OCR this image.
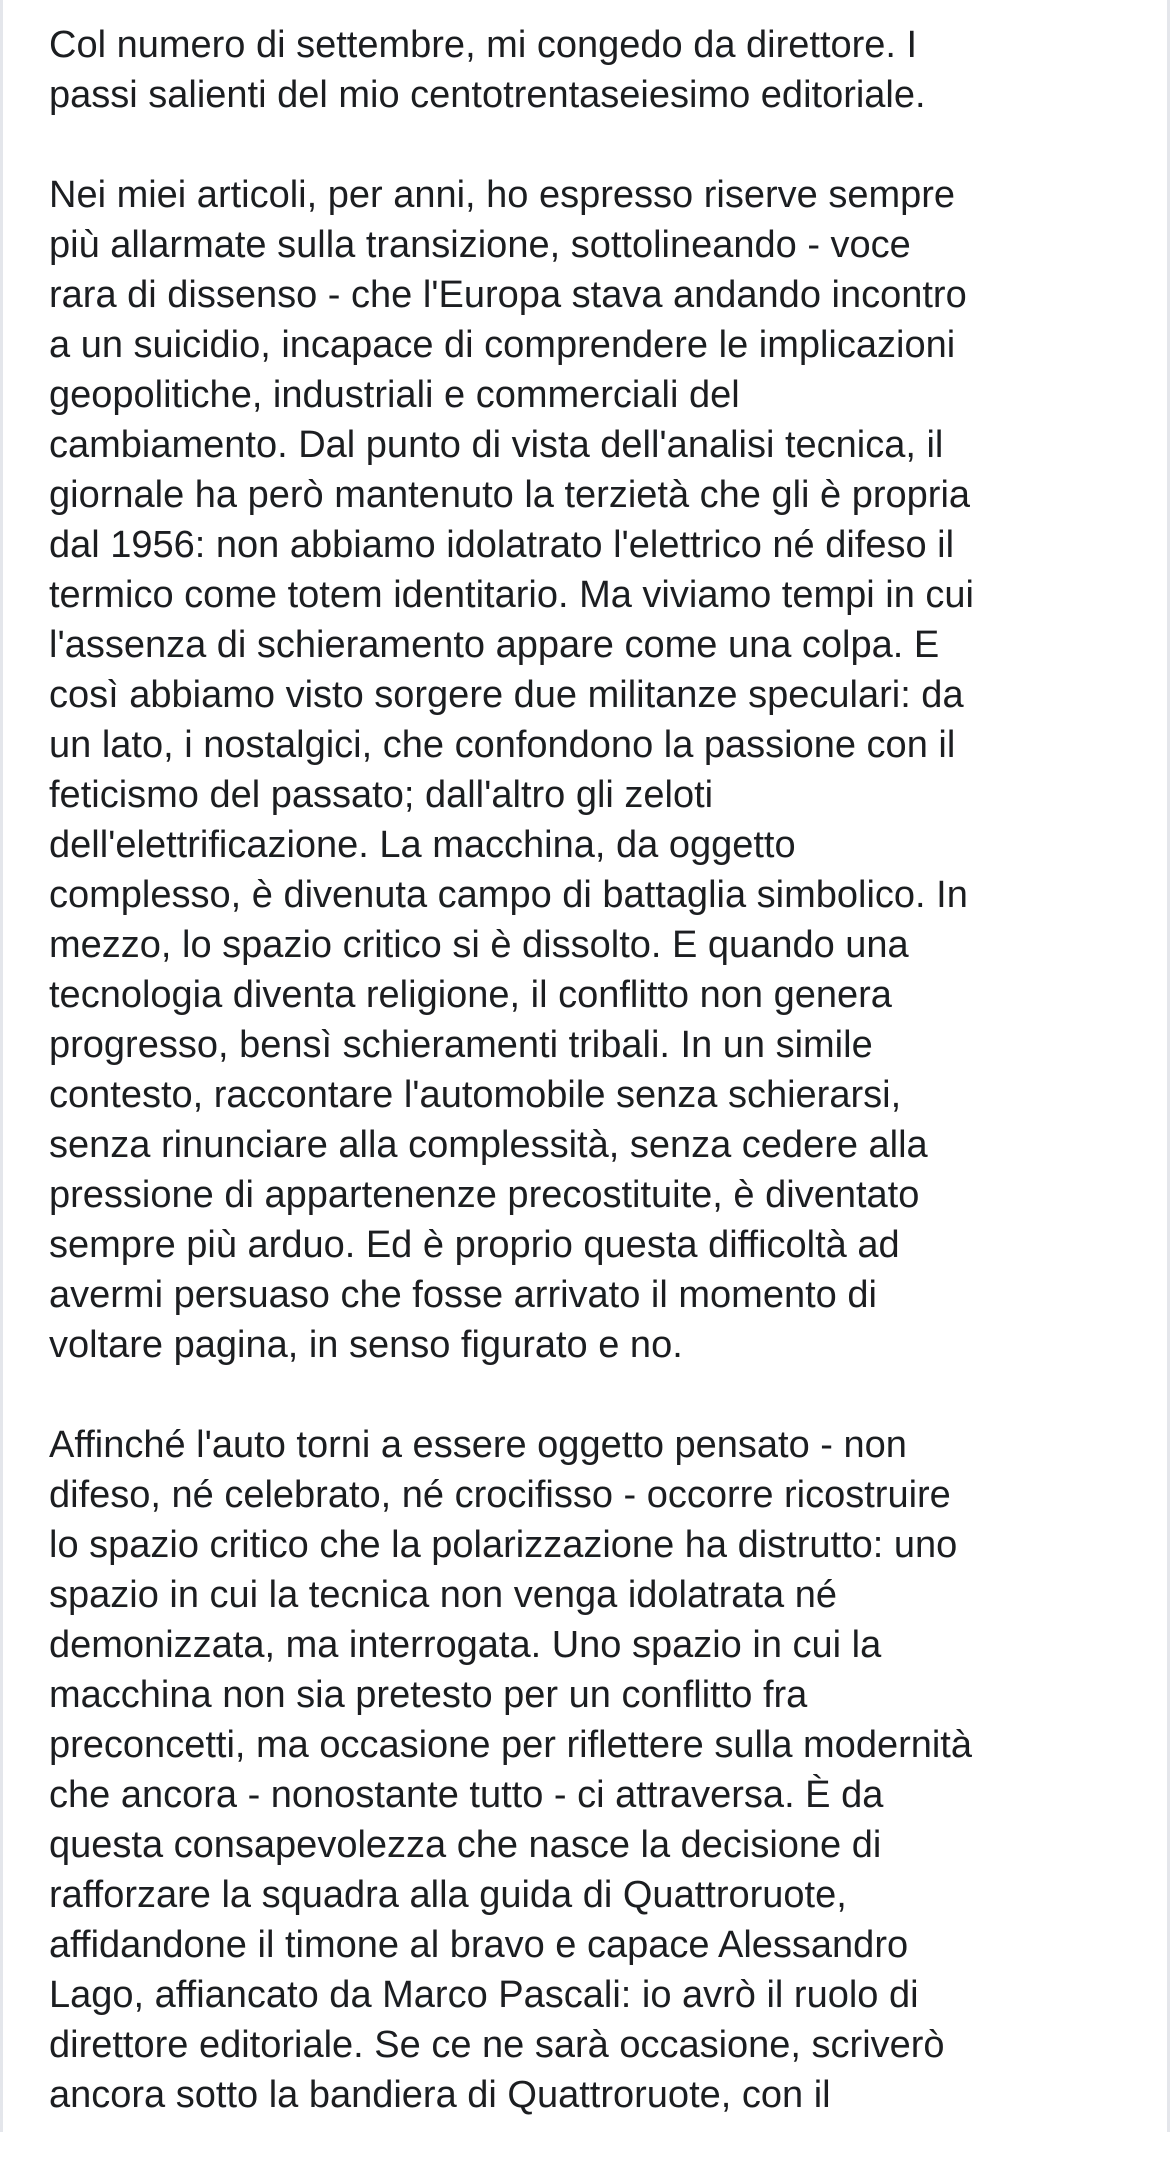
Col numero di settembre, mi congedo da direttore. I
passi salienti del mio centotrentaseiesimo editoriale.

Nei miei articoli, per anni, ho espresso riserve sempre
più allarmate sulla transizione, sottolineando - voce
rara di dissenso - che l'Europa stava andando incontro
a un suicidio, incapace di comprendere le implicazioni
geopolitiche, industriali e commerciali del
cambiamento. Dal punto di vista dell'analisi tecnica, il
giornale ha però mantenuto la terzietà che gli è propria
dal 1956: non abbiamo idolatrato l'elettrico né difeso il
termico come totem identitario. Ma viviamo tempi in cui
l'assenza di schieramento appare come una colpa. E
così abbiamo visto sorgere due militanze speculari: da
un lato, i nostalgici, che confondono la passione con il
feticismo del passato; dall'altro gli zeloti
dell'elettrificazione. La macchina, da oggetto
complesso, è divenuta campo di battaglia simbolico. In
mezzo, lo spazio critico si è dissolto. E quando una
tecnologia diventa religione, il conflitto non genera
progresso, bensì schieramenti tribali. In un simile
contesto, raccontare l'automobile senza schierarsi,
senza rinunciare alla complessità, senza cedere alla
pressione di appartenenze precostituite, è diventato
sempre più arduo. Ed è proprio questa difficoltà ad
avermi persuaso che fosse arrivato il momento di
voltare pagina, in senso figurato e no.

Affinché l'auto torni a essere oggetto pensato - non
difeso, né celebrato, né crocifisso - occorre ricostruire
lo spazio critico che la polarizzazione ha distrutto: uno
spazio in cui la tecnica non venga idolatrata né
demonizzata, ma interrogata. Uno spazio in cui la
macchina non sia pretesto per un conflitto fra
preconcetti, ma occasione per riflettere sulla modernità
che ancora - nonostante tutto - ci attraversa. È da
questa consapevolezza che nasce la decisione di
rafforzare la squadra alla guida di Quattroruote,
affidandone il timone al bravo e capace Alessandro
Lago, affiancato da Marco Pascali: io avrò il ruolo di
direttore editoriale. Se ce ne sarà occasione, scriverò
ancora sotto la bandiera di Quattroruote, con il
